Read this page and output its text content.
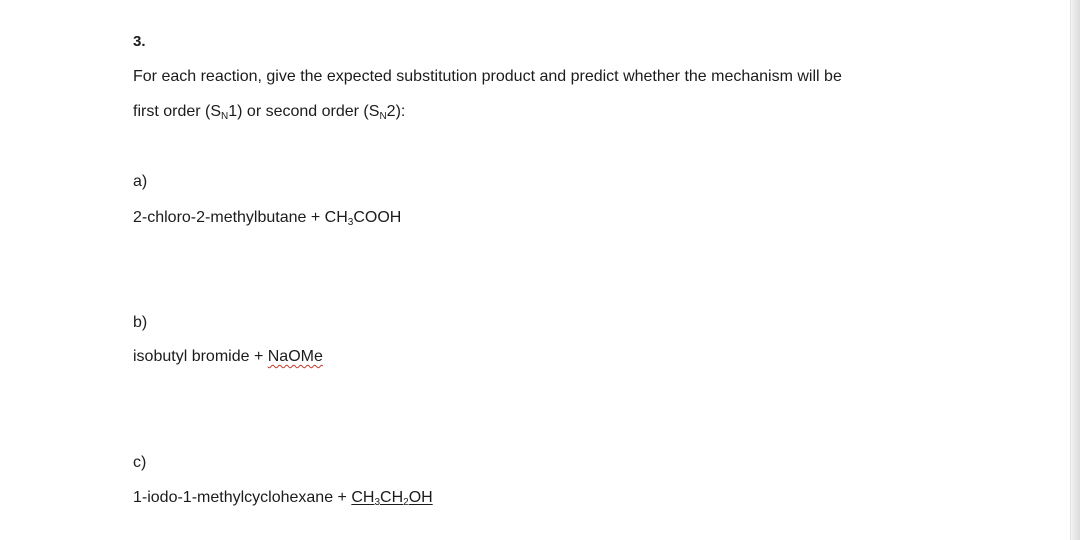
3.
For each reaction, give the expected substitution product and predict whether the mechanism will be
first order $(S_N1)$ or second order $(S_N2)$:
a)
2-chloro-2-methylbutane + $CH_3COOH$
b)
isobutyl bromide + NaOMe
c)
1-iodo-1-methylcyclohexane + $CH_3CH_2OH$
